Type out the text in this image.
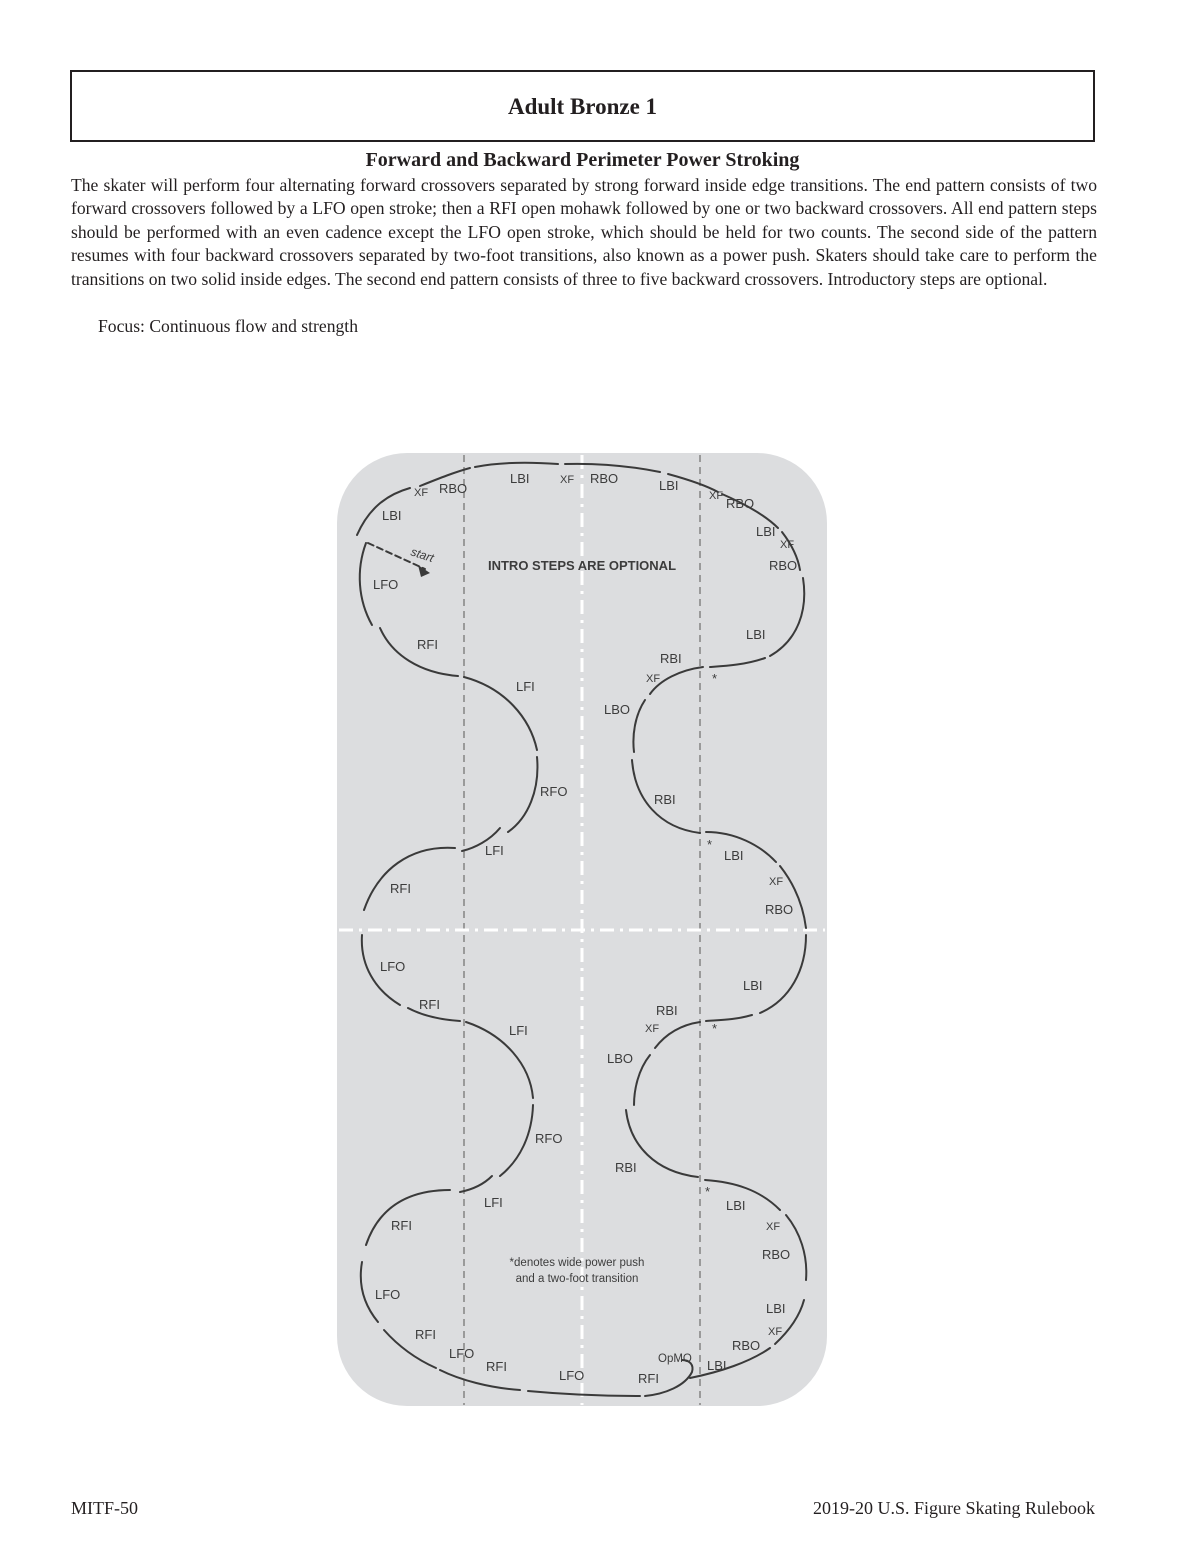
Adult Bronze 1

Forward and Backward Perimeter Power Stroking

The skater will perform four alternating forward crossovers separated by strong forward inside edge transitions. The end pattern consists of two forward crossovers followed by a LFO open stroke; then a RFI open mohawk followed by one or two backward crossovers. All end pattern steps should be performed with an even cadence except the LFO open stroke, which should be held for two counts. The second side of the pattern resumes with four backward crossovers separated by two-foot transitions, also known as a power push. Skaters should take care to perform the transitions on two solid inside edges. The second end pattern consists of three to five backward crossovers. Introductory steps are optional.

Focus: Continuous flow and strength

INTRO STEPS ARE OPTIONAL
start
*denotes wide power push
and a two-foot transition
LBI
XF RBO
LBI	XF RBO	LBI
XF RBO
LBI
XF
RBO
LFO
RFI
LFI
RFO
LFI
RFI
LFO
RFI
LFI
RFO
LFI
RFI
LFO
RFI
LFO
RFI
LFO	RFI
OpMO LBI
LBI
RBI
XF	*
LBO
RBI
*
LBI
XF
RBO
LBI
RBI
XF	*
LBO
RBI
*
LBI
XF
RBO
LBI
XF
RBO
MITF-50	2019-20 U.S. Figure Skating Rulebook
